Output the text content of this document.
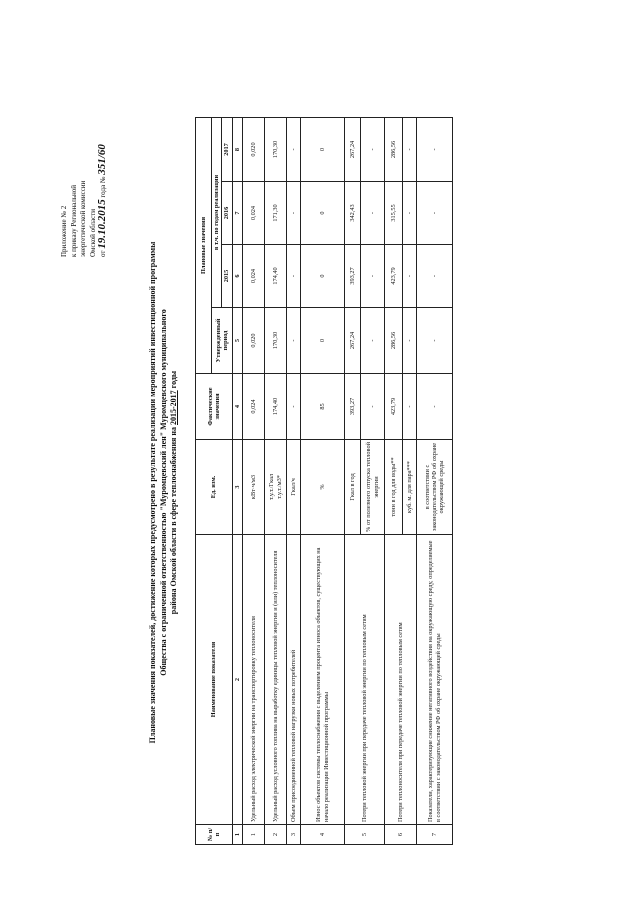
Приложение № 2 к приказу Региональной энергетической комиссии Омской области от 19.10.2015 года № 351/60
Плановые значения показателей, достижение которых предусмотрено в результате реализации мероприятий инвестиционной программы Общества с ограниченной ответственностью "Муромцевский лен" Муромцевского муниципального района Омской области в сфере теплоснабжения на 2015-2017 годы
№ п/п	Наименование показателя	Ед. изм.	Фактические значения	Плановые значения			
				Утвержденный период	в т.ч. по годам реализации		
					2015	2016	2017
1	2	3	4	5	6	7	8
1	Удельный расход электрической энергии на транспортировку теплоносителя	кВт·ч/м3	0,024	0,020	0,024	0,024	0,020
2	Удельный расход условного топлива на выработку единицы тепловой энергии и (или) теплоносителя	т.у.т./Гкал т.у.т./м3*	174,40	170,30	174,40	171,30	170,30
3	Объем присоединенной тепловой нагрузки новых потребителей	Гкал/ч	-	-	-	-	-
4	Износ объектов системы теплоснабжения с выделением процента износа объектов, существующих на начало реализации Инвестиционной программы	%	85	0	0	0	0
5	Потери тепловой энергии при передаче тепловой энергии по тепловым сетям	Гкал в год	393,27	267,24	393,27	342,43	267,24
		% от полезного отпуска тепловой энергии	-	-	-	-	-
6	Потери теплоносителя при передаче тепловой энергии по тепловым сетям	тонн в год для воды**	423,79	286,56	423,79	315,55	286,56
		куб. м. для пара***	-	-	-	-	-
7	Показатели, характеризующие снижение негативного воздействия на окружающую среду, определяемые в соответствии с законодательством РФ об охране окружающей среды	в соответствии с законодательством РФ об охране окружающей среды	-	-	-	-	-
